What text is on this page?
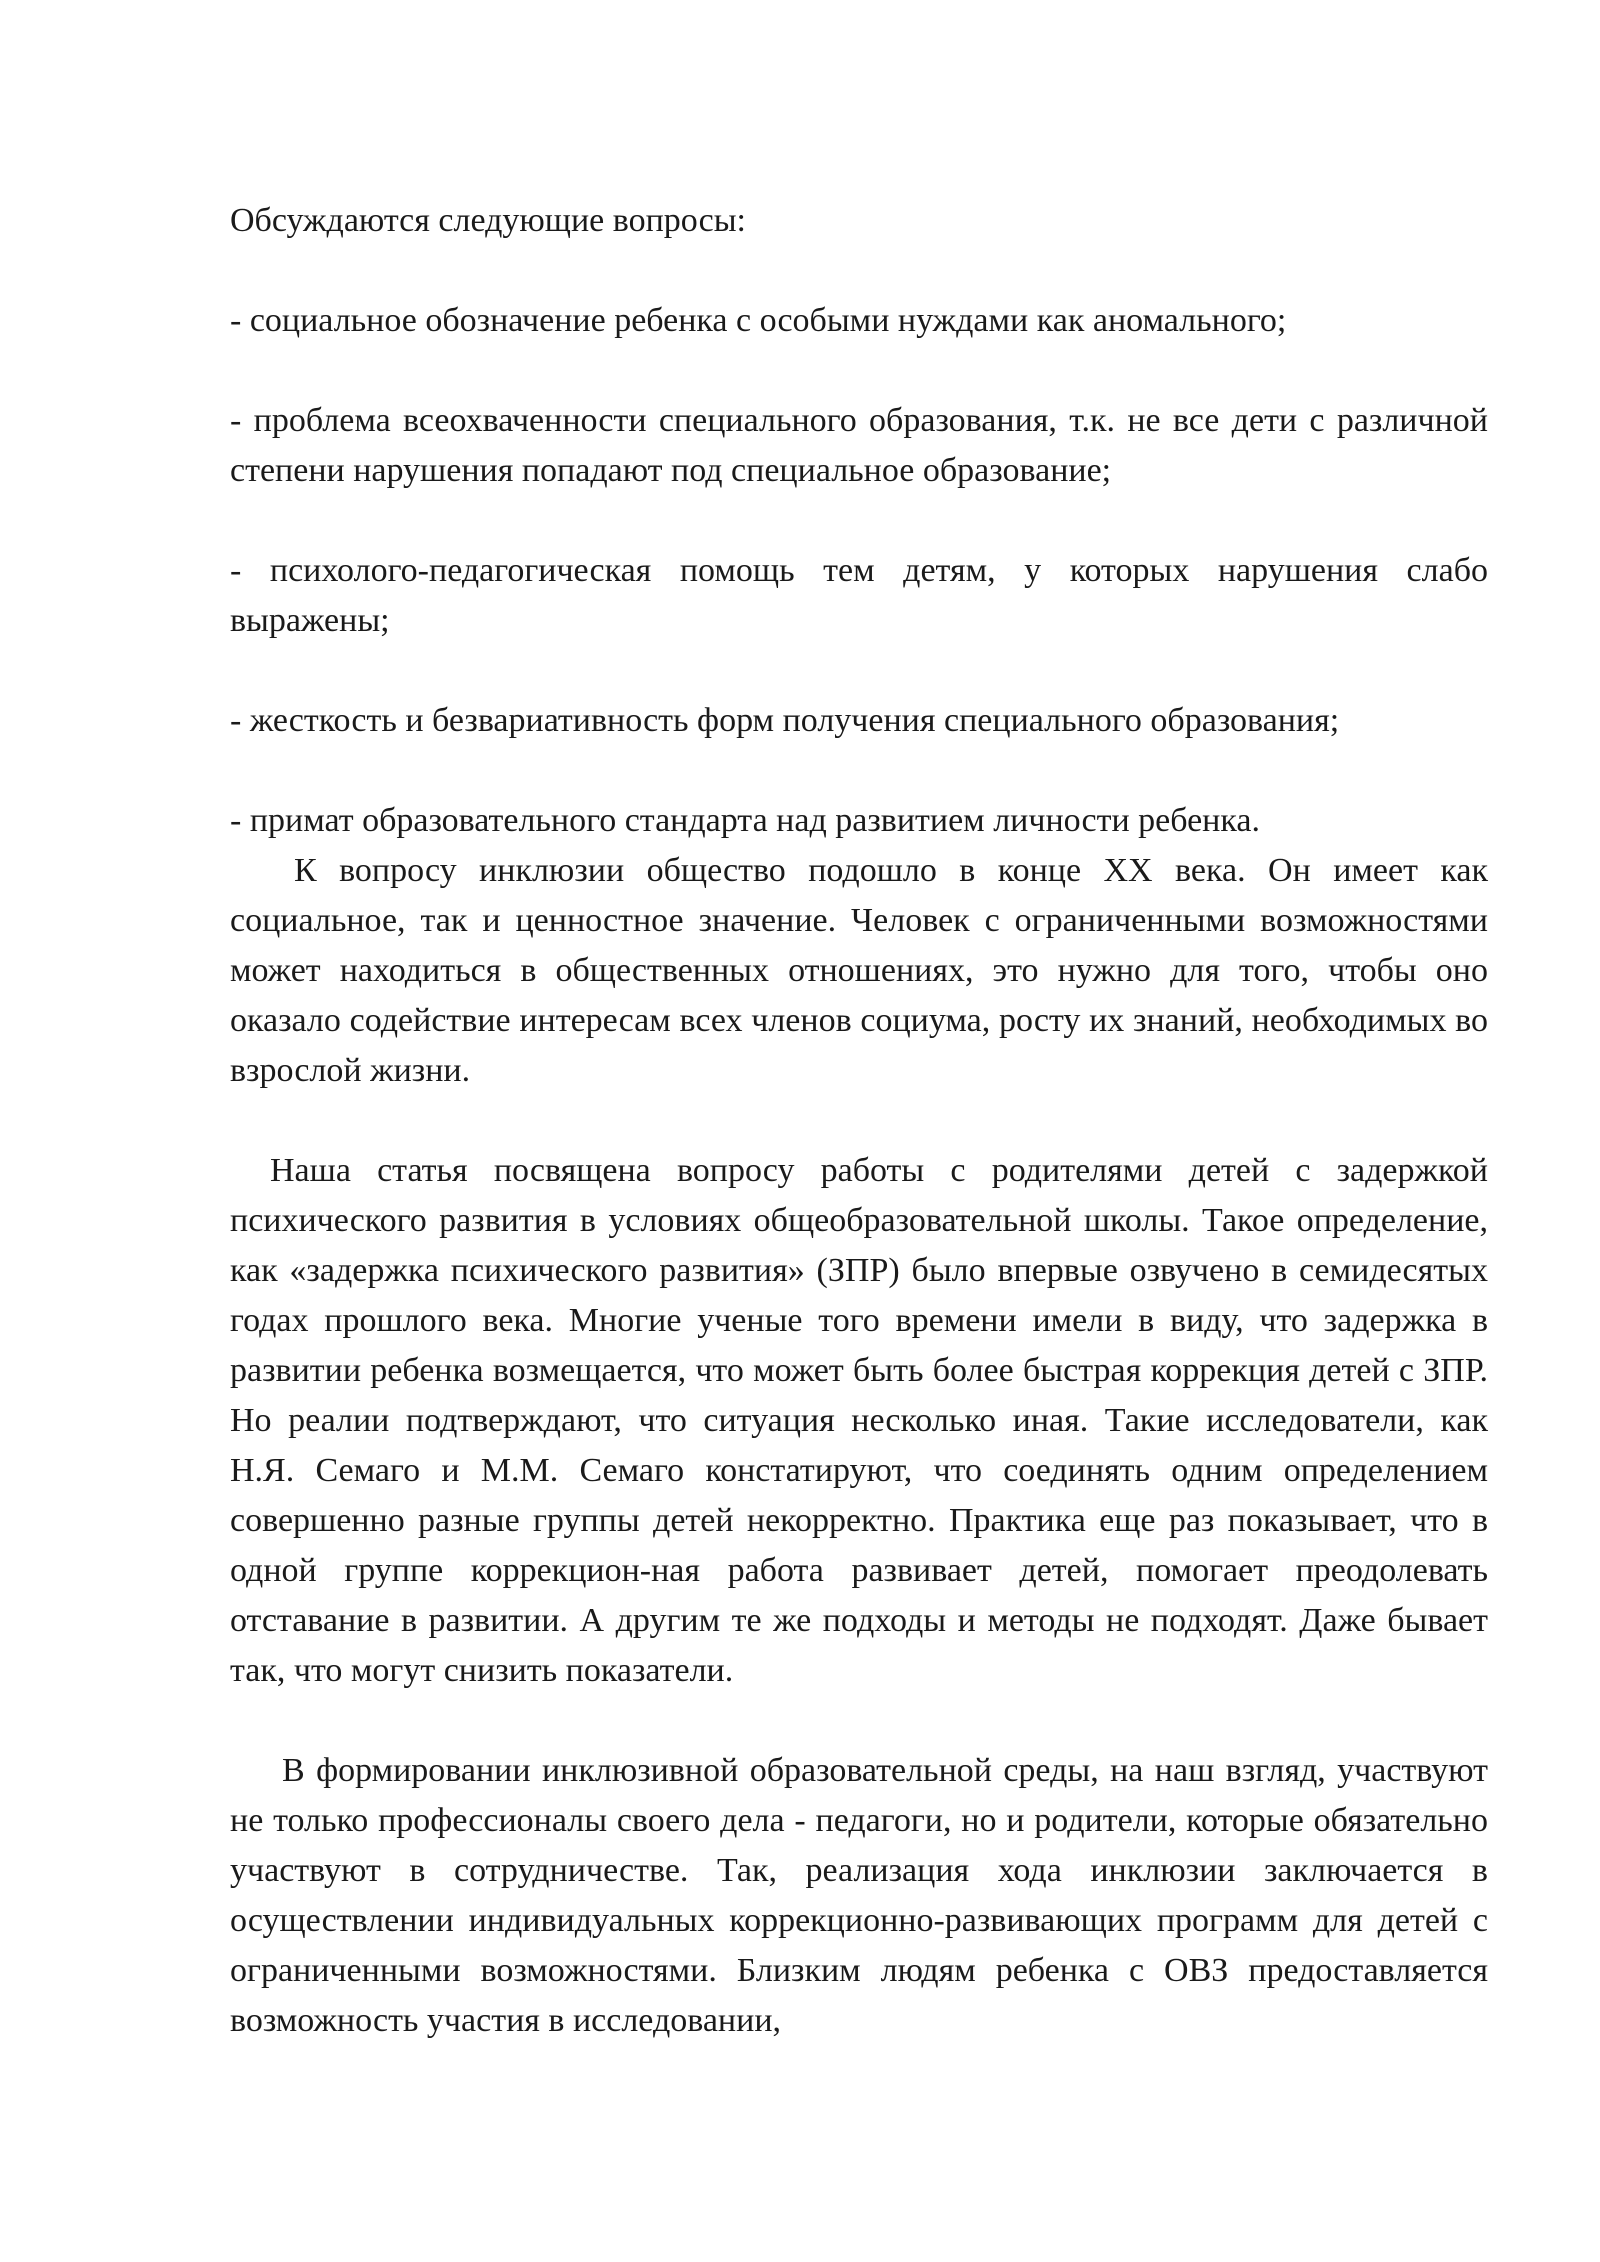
Обсуждаются следующие вопросы:

- социальное обозначение ребенка с особыми нуждами как аномального;

- проблема всеохваченности специального образования, т.к. не все дети с различной степени нарушения попадают под специальное образование;

- психолого-педагогическая помощь тем детям, у которых нарушения слабо выражены;

- жесткость и безвариативность форм получения специального образования;

- примат образовательного стандарта над развитием личности ребенка.

К вопросу инклюзии общество подошло в конце XX века. Он имеет как социальное, так и ценностное значение. Человек с ограниченными возможностями может находиться в общественных отношениях, это нужно для того, чтобы оно оказало содействие интересам всех членов социума, росту их знаний, необходимых во взрослой жизни.

Наша статья посвящена вопросу работы с родителями детей с задержкой психического развития в условиях общеобразовательной школы. Такое определение, как «задержка психического развития» (ЗПР) было впервые озвучено в семидесятых годах прошлого века. Многие ученые того времени имели в виду, что задержка в развитии ребенка возмещается, что может быть более быстрая коррекция детей с ЗПР. Но реалии подтверждают, что ситуация несколько иная. Такие исследователи, как Н.Я. Семаго и М.М. Семаго констатируют, что соединять одним определением совершенно разные группы детей некорректно. Практика еще раз показывает, что в одной группе коррекцион-ная работа развивает детей, помогает преодолевать отставание в развитии. А другим те же подходы и методы не подходят. Даже бывает так, что могут снизить показатели.

В формировании инклюзивной образовательной среды, на наш взгляд, участвуют не только профессионалы своего дела - педагоги, но и родители, которые обязательно участвуют в сотрудничестве. Так, реализация хода инклюзии заключается в осуществлении индивидуальных коррекционно-развивающих программ для детей с ограниченными возможностями. Близким людям ребенка с ОВЗ предоставляется возможность участия в исследовании,
